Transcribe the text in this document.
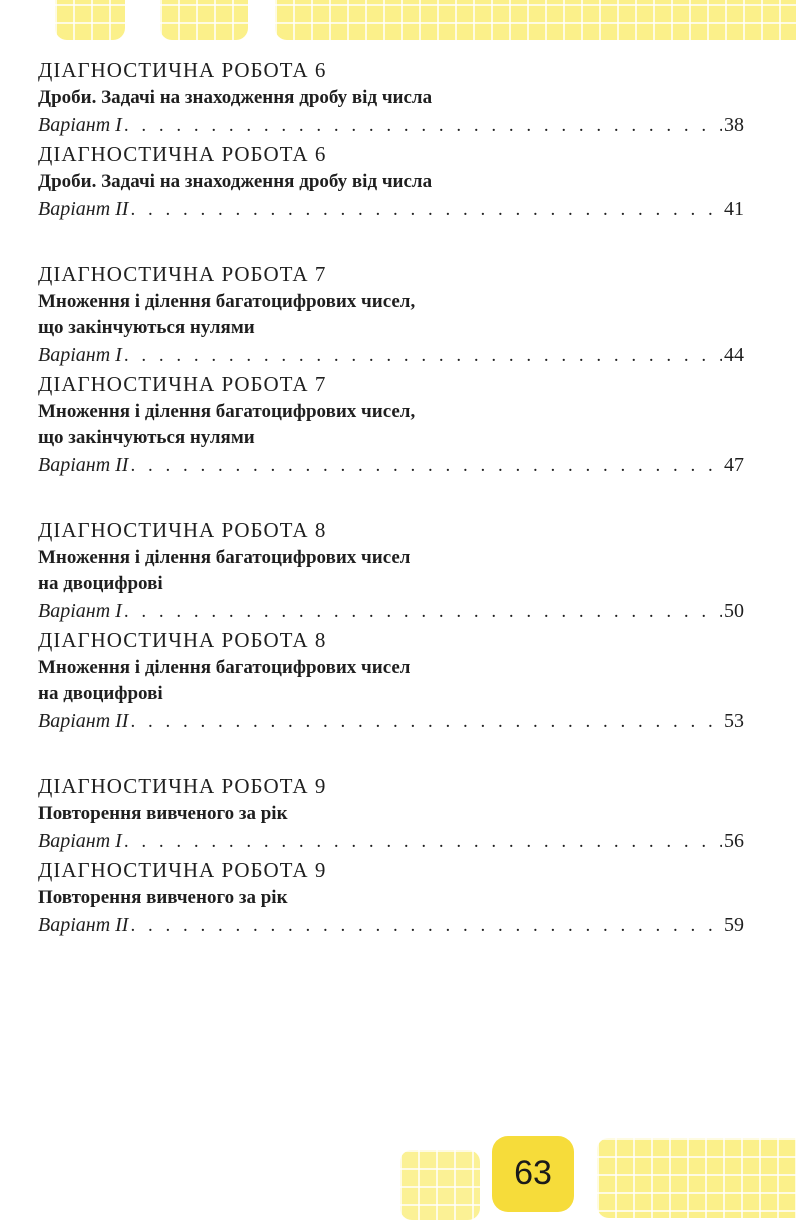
63
ДІАГНОСТИЧНА РОБОТА 6
Дроби. Задачі на знаходження дробу від числа
Варіант I . . .	38
ДІАГНОСТИЧНА РОБОТА 6
Дроби. Задачі на знаходження дробу від числа
Варіант II . . .	41
ДІАГНОСТИЧНА РОБОТА 7
Множення і ділення багатоцифрових чисел,
що закінчуються нулями
Варіант I . . .	44
ДІАГНОСТИЧНА РОБОТА 7
Множення і ділення багатоцифрових чисел,
що закінчуються нулями
Варіант II . . .	47
ДІАГНОСТИЧНА РОБОТА 8
Множення і ділення багатоцифрових чисел
на двоцифрові
Варіант I . . .	50
ДІАГНОСТИЧНА РОБОТА 8
Множення і ділення багатоцифрових чисел
на двоцифрові
Варіант II . . .	53
ДІАГНОСТИЧНА РОБОТА 9
Повторення вивченого за рік
Варіант I . . .	56
ДІАГНОСТИЧНА РОБОТА 9
Повторення вивченого за рік
Варіант II . . .	59
